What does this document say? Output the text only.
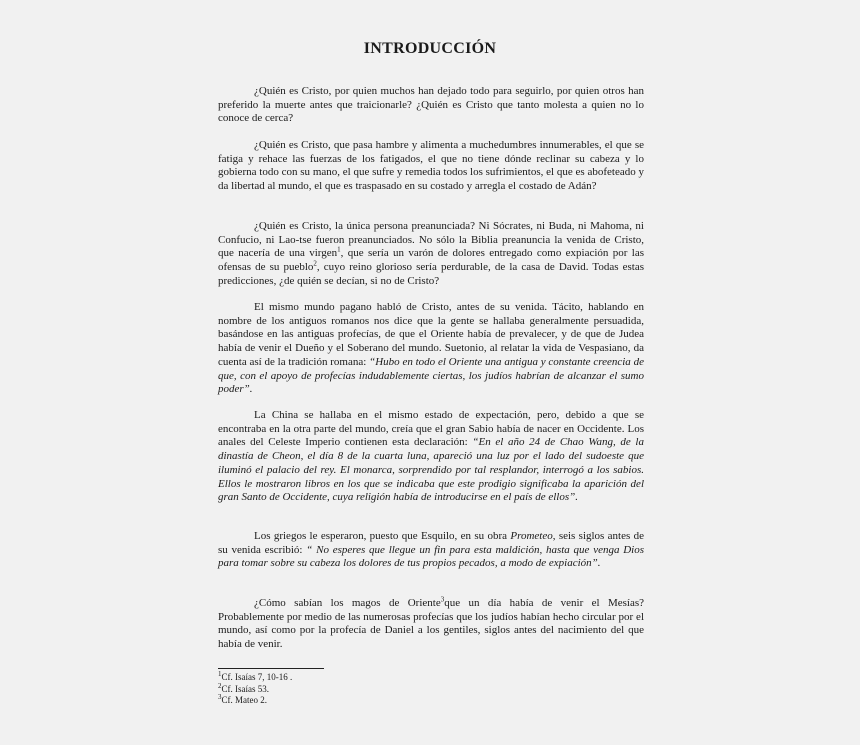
INTRODUCCIÓN

¿Quién es Cristo, por quien muchos han dejado todo para seguirlo, por quien otros han preferido la muerte antes que traicionarle? ¿Quién es Cristo que tanto molesta a quien no lo conoce de cerca?

¿Quién es Cristo, que pasa hambre y alimenta a muchedumbres innumerables, el que se fatiga y rehace las fuerzas de los fatigados, el que no tiene dónde reclinar su cabeza y lo gobierna todo con su mano, el que sufre y remedia todos los sufrimientos, el que es abofeteado y da libertad al mundo, el que es traspasado en su costado y arregla el costado de Adán?

¿Quién es Cristo, la única persona preanunciada? Ni Sócrates, ni Buda, ni Mahoma, ni Confucio, ni Lao-tse fueron preanunciados. No sólo la Biblia preanuncia la venida de Cristo, que nacería de una virgen$^1$, que sería un varón de dolores entregado como expiación por las ofensas de su pueblo$^2$, cuyo reino glorioso sería perdurable, de la casa de David. Todas estas predicciones, ¿de quién se decían, si no de Cristo?

El mismo mundo pagano habló de Cristo, antes de su venida. Tácito, hablando en nombre de los antiguos romanos nos dice que la gente se hallaba generalmente persuadida, basándose en las antiguas profecías, de que el Oriente había de prevalecer, y de que de Judea había de venir el Dueño y el Soberano del mundo. Suetonio, al relatar la vida de Vespasiano, da cuenta así de la tradición romana: “Hubo en todo el Oriente una antigua y constante creencia de que, con el apoyo de profecías indudablemente ciertas, los judíos habrían de alcanzar el sumo poder”.

La China se hallaba en el mismo estado de expectación, pero, debido a que se encontraba en la otra parte del mundo, creía que el gran Sabio había de nacer en Occidente. Los anales del Celeste Imperio contienen esta declaración: “En el año 24 de Chao Wang, de la dinastía de Cheon, el día 8 de la cuarta luna, apareció una luz por el lado del sudoeste que iluminó el palacio del rey. El monarca, sorprendido por tal resplandor, interrogó a los sabios. Ellos le mostraron libros en los que se indicaba que este prodigio significaba la aparición del gran Santo de Occidente, cuya religión había de introducirse en el país de ellos”.

Los griegos le esperaron, puesto que Esquilo, en su obra Prometeo, seis siglos antes de su venida escribió: “ No esperes que llegue un fin para esta maldición, hasta que venga Dios para tomar sobre su cabeza los dolores de tus propios pecados, a modo de expiación”.

¿Cómo sabían los magos de Oriente$^3$que un día había de venir el Mesías? Probablemente por medio de las numerosas profecías que los judíos habían hecho circular por el mundo, así como por la profecía de Daniel a los gentiles, siglos antes del nacimiento del que había de venir.

$^1$Cf. Isaías 7, 10-16 .

$^2$Cf. Isaías 53.

$^3$Cf. Mateo 2.
